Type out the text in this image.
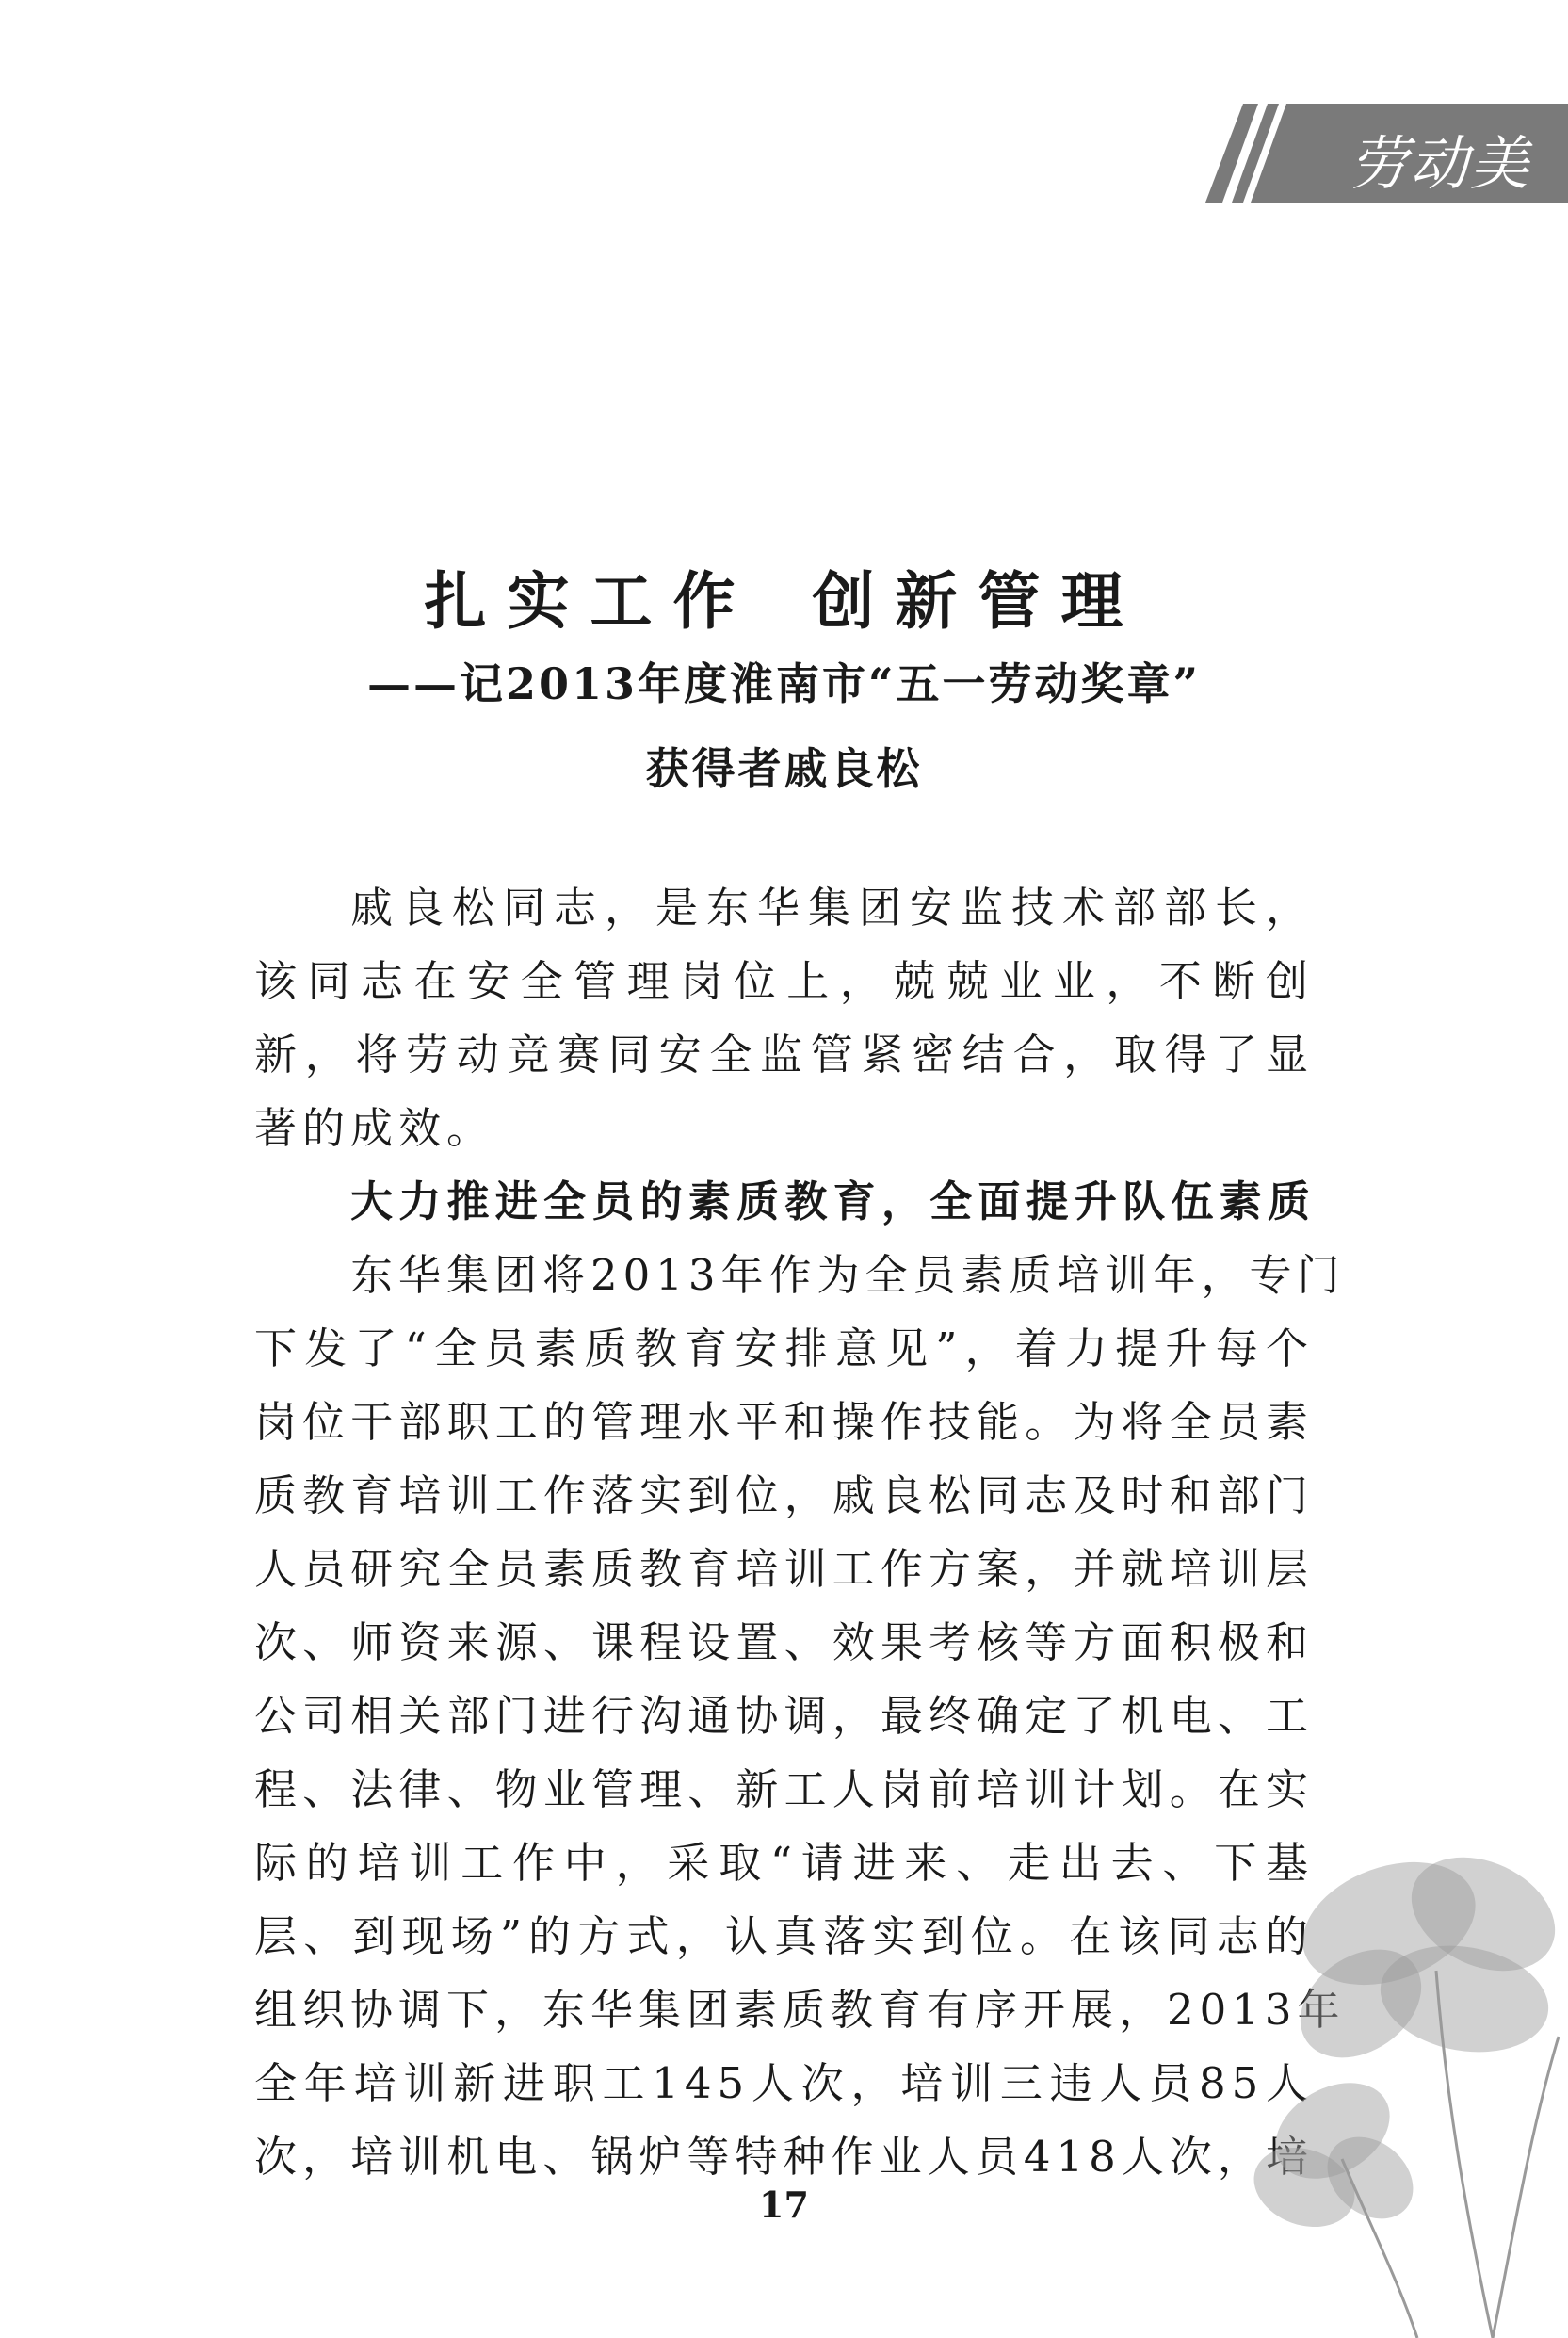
劳动美
扎实工作 创新管理
——记2013年度淮南市“五一劳动奖章”
获得者戚良松
戚良松同志，是东华集团安监技术部部长，
该同志在安全管理岗位上，兢兢业业，不断创
新，将劳动竞赛同安全监管紧密结合，取得了显
著的成效。
大力推进全员的素质教育，全面提升队伍素质
东华集团将2013年作为全员素质培训年，专门
下发了“全员素质教育安排意见”，着力提升每个
岗位干部职工的管理水平和操作技能。为将全员素
质教育培训工作落实到位，戚良松同志及时和部门
人员研究全员素质教育培训工作方案，并就培训层
次、师资来源、课程设置、效果考核等方面积极和
公司相关部门进行沟通协调，最终确定了机电、工
程、法律、物业管理、新工人岗前培训计划。在实
际的培训工作中，采取“请进来、走出去、下基
层、到现场”的方式，认真落实到位。在该同志的
组织协调下，东华集团素质教育有序开展，2013年
全年培训新进职工145人次，培训三违人员85人
次，培训机电、锅炉等特种作业人员418人次，培
17
